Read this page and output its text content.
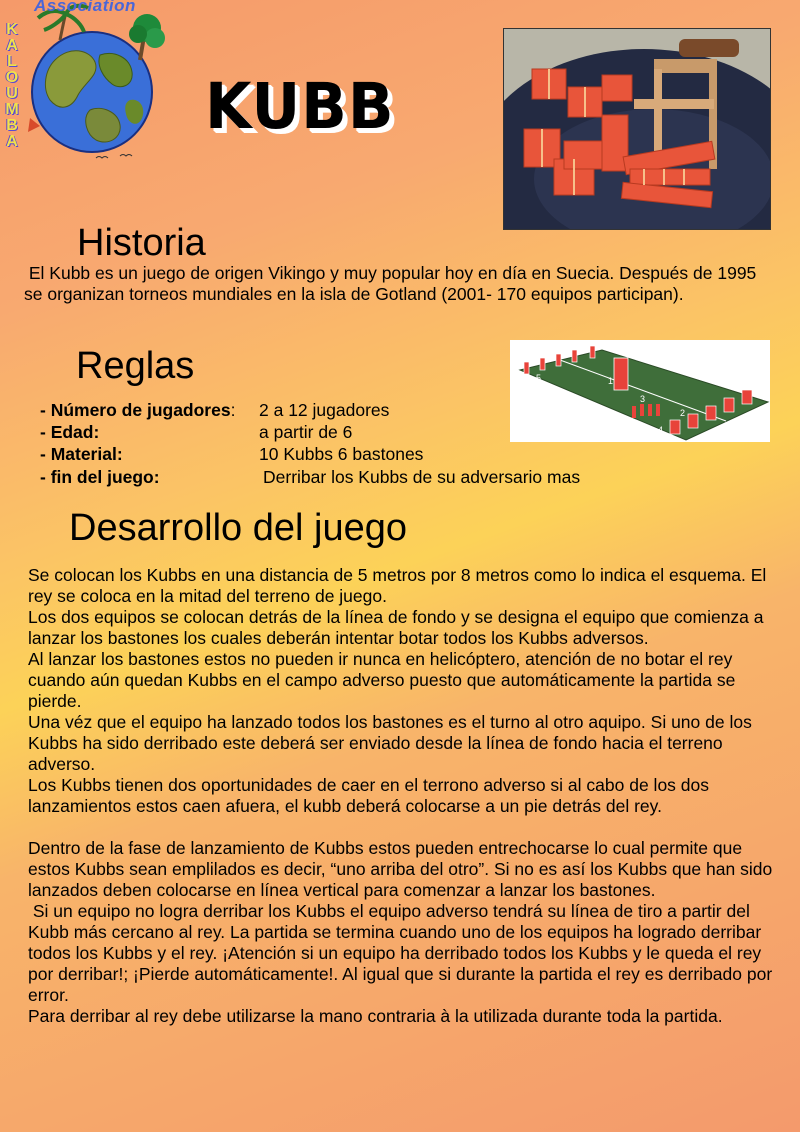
Association
KALOUMBA	KUBB
Historia
El Kubb es un juego de origen Vikingo y muy popular hoy en día en Suecia. Después de 1995 se organizan torneos mundiales en la isla de Gotland (2001- 170 equipos participan).
Reglas	1
2
3
4
5
- Número de jugadores: 2 a 12 jugadores
- Edad:	a partir de 6
- Material:	10 Kubbs 6 bastones
- fin del juego:	Derribar los Kubbs de su adversario mas
Desarrollo del juego

Se colocan los Kubbs en una distancia de 5 metros por 8 metros como lo indica el esquema. El rey se coloca en la mitad del terreno de juego.

Los dos equipos se colocan detrás de la línea de fondo y se designa el equipo que comienza a lanzar los bastones los cuales deberán intentar botar todos los Kubbs adversos.

Al lanzar los bastones estos no pueden ir nunca en helicóptero, atención de no botar el rey cuando aún quedan Kubbs en el campo adverso puesto que automáticamente la partida se pierde.

Una véz que el equipo ha lanzado todos los bastones es el turno al otro aquipo. Si uno de los Kubbs ha sido derribado este deberá ser enviado desde la línea de fondo hacia el terreno adverso.

Los Kubbs tienen dos oportunidades de caer en el terrono adverso si al cabo de los dos lanzamientos estos caen afuera, el kubb deberá colocarse a un pie detrás del rey.

Dentro de la fase de lanzamiento de Kubbs estos pueden entrechocarse lo cual permite que estos Kubbs sean emplilados es decir, “uno arriba del otro”. Si no es así los Kubbs que han sido lanzados deben colocarse en línea vertical para comenzar a lanzar los bastones.

Si un equipo no logra derribar los Kubbs el equipo adverso tendrá su línea de tiro a partir del Kubb más cercano al rey. La partida se termina cuando uno de los equipos ha logrado derribar todos los Kubbs y el rey. ¡Atención si un equipo ha derribado todos los Kubbs y le queda el rey por derribar!; ¡Pierde automáticamente!. Al igual que si durante la partida el rey es derribado por error.

Para derribar al rey debe utilizarse la mano contraria à la utilizada durante toda la partida.
